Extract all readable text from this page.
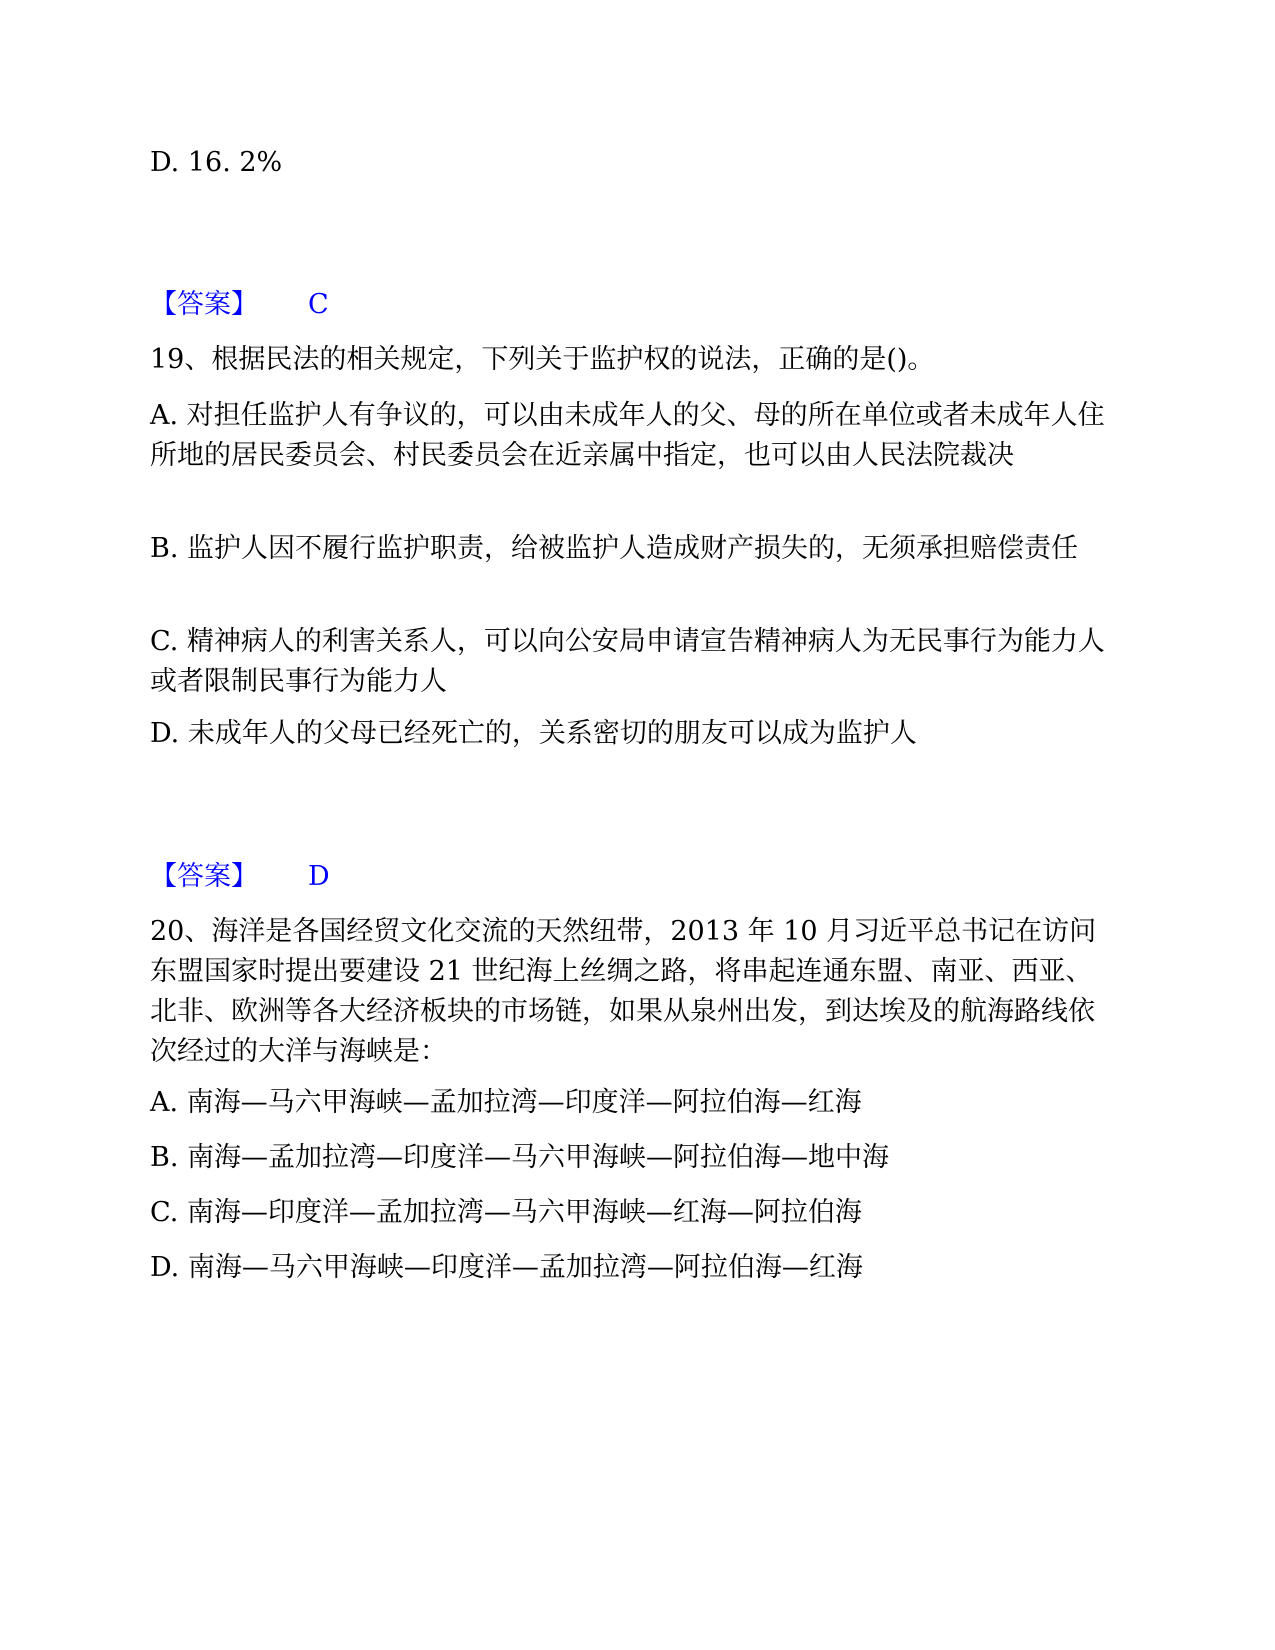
D. 16. 2%
【答案】 C
19、根据民法的相关规定，下列关于监护权的说法，正确的是()。
A. 对担任监护人有争议的，可以由未成年人的父、母的所在单位或者未成年人住所地的居民委员会、村民委员会在近亲属中指定，也可以由人民法院裁决
B. 监护人因不履行监护职责，给被监护人造成财产损失的，无须承担赔偿责任
C. 精神病人的利害关系人，可以向公安局申请宣告精神病人为无民事行为能力人或者限制民事行为能力人
D. 未成年人的父母已经死亡的，关系密切的朋友可以成为监护人
【答案】 D
20、海洋是各国经贸文化交流的天然纽带，2013 年 10 月习近平总书记在访问东盟国家时提出要建设 21 世纪海上丝绸之路，将串起连通东盟、南亚、西亚、北非、欧洲等各大经济板块的市场链，如果从泉州出发，到达埃及的航海路线依次经过的大洋与海峡是：
A. 南海—马六甲海峡—孟加拉湾—印度洋—阿拉伯海—红海
B. 南海—孟加拉湾—印度洋—马六甲海峡—阿拉伯海—地中海
C. 南海—印度洋—孟加拉湾—马六甲海峡—红海—阿拉伯海
D. 南海—马六甲海峡—印度洋—孟加拉湾—阿拉伯海—红海
